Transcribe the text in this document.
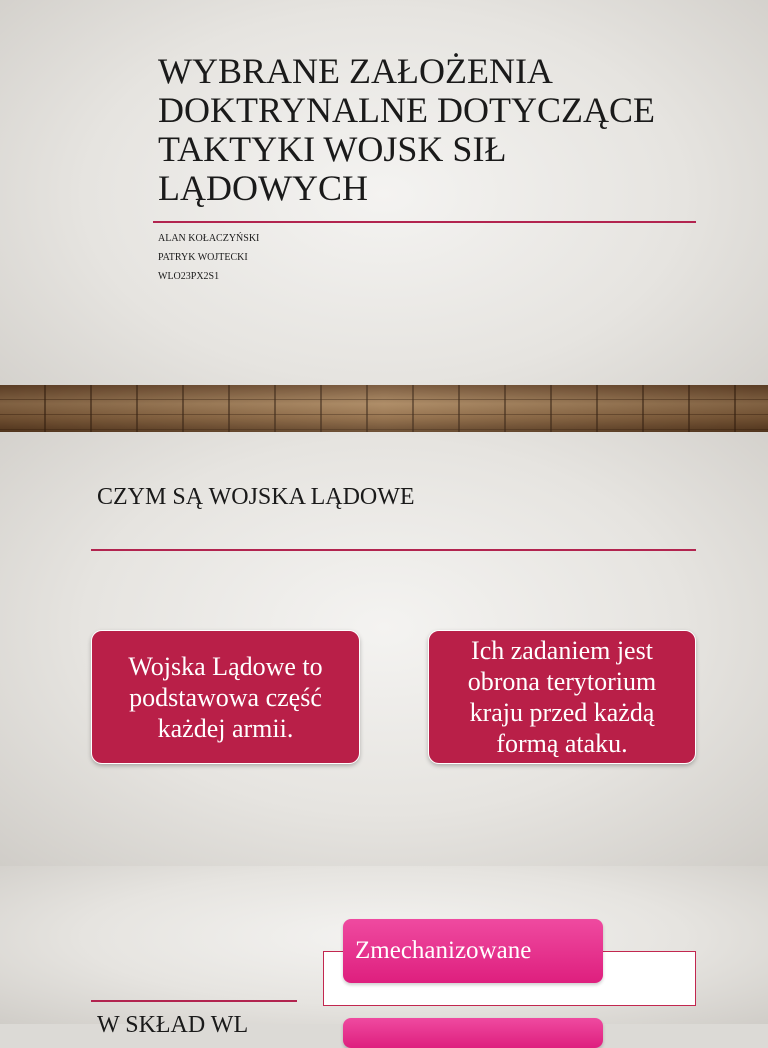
WYBRANE ZAŁOŻENIA DOKTRYNALNE DOTYCZĄCE TAKTYKI WOJSK SIŁ LĄDOWYCH
ALAN KOŁACZYŃSKI
PATRYK WOJTECKI
WLO23PX2S1
CZYM SĄ WOJSKA LĄDOWE
Wojska Lądowe to podstawowa część każdej armii.
Ich zadaniem jest obrona terytorium kraju przed każdą formą ataku.
Zmechanizowane
W SKŁAD WL
